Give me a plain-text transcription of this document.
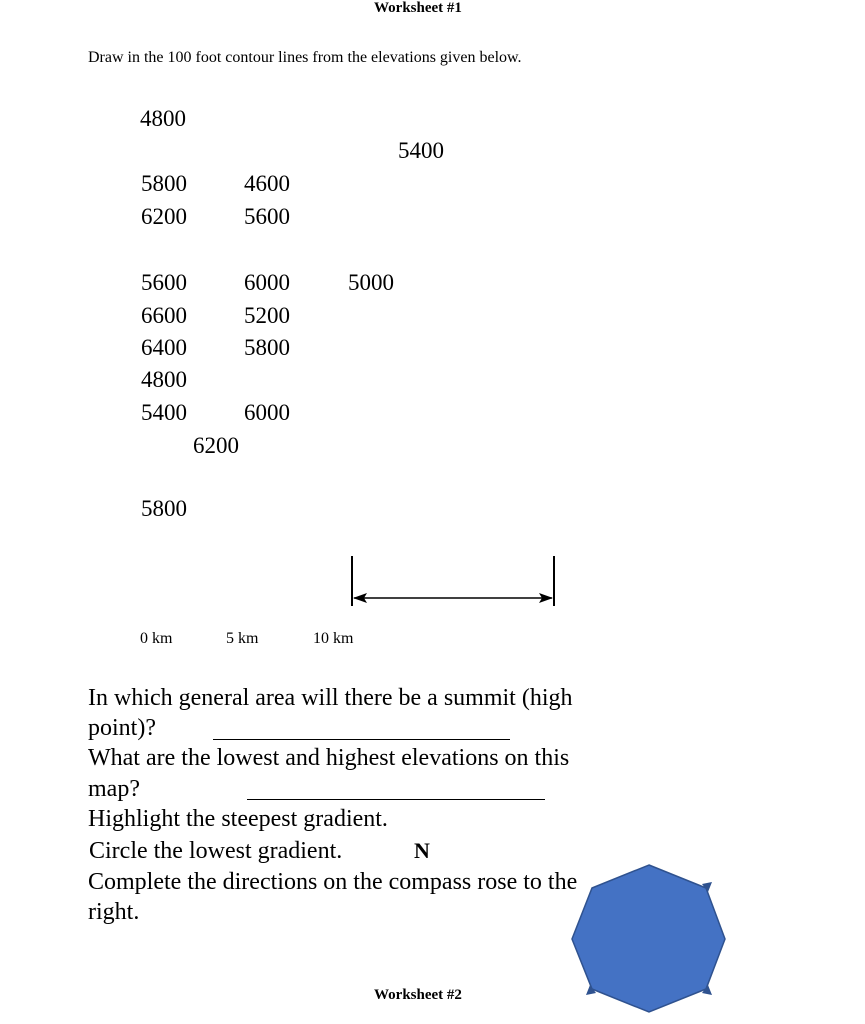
Worksheet #1
Draw in the 100 foot contour lines from the elevations given below.
4800
5400
5800 4600
6200 5600
5600 6000	5000
6600 5200
6400 5800
4800
5400 6000
6200
5800
0 km	5 km	10 km
In which general area will there be a summit (high
point)?
What are the lowest and highest elevations on this
map?
Highlight the steepest gradient.
Circle the lowest gradient.	N
Complete the directions on the compass rose to the
right.
Worksheet #2
